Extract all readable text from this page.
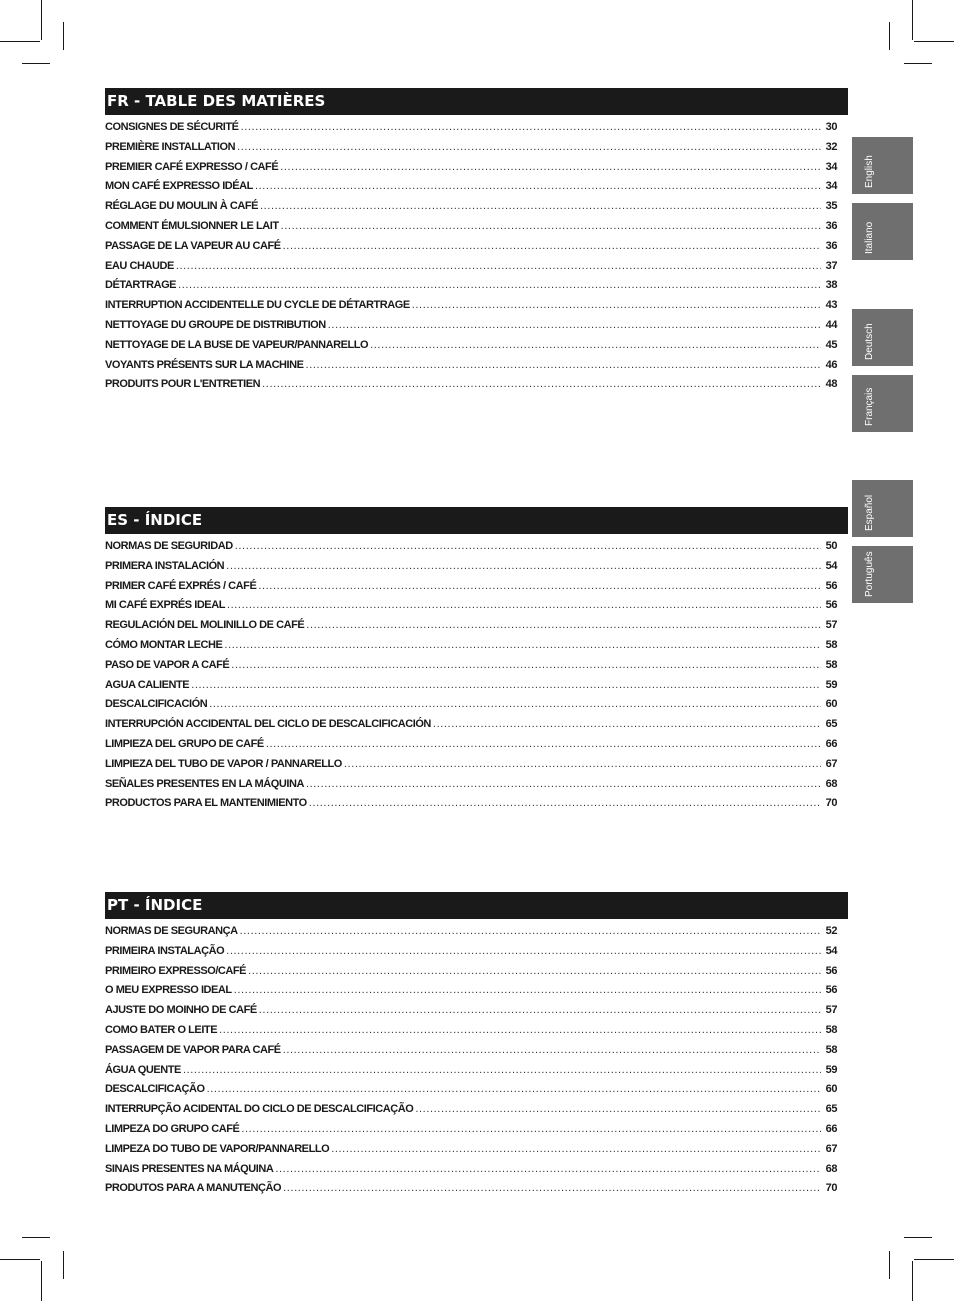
FR - TABLE DES MATIÈRES
CONSIGNES DE SÉCURITÉ .....	30
PREMIÈRE INSTALLATION .....	32
PREMIER CAFÉ EXPRESSO / CAFÉ .....	34
MON CAFÉ EXPRESSO IDÉAL .....	34
RÉGLAGE DU MOULIN À CAFÉ .....	35
COMMENT ÉMULSIONNER LE LAIT .....	36
PASSAGE DE LA VAPEUR AU CAFÉ .....	36
EAU CHAUDE .....	37
DÉTARTRAGE .....	38
INTERRUPTION ACCIDENTELLE DU CYCLE DE DÉTARTRAGE .....	43
NETTOYAGE DU GROUPE DE DISTRIBUTION .....	44
NETTOYAGE DE LA BUSE DE VAPEUR/PANNARELLO .....	45
VOYANTS PRÉSENTS SUR LA MACHINE .....	46
PRODUITS POUR L'ENTRETIEN .....	48
ES - ÍNDICE
NORMAS DE SEGURIDAD .....	50
PRIMERA INSTALACIÓN .....	54
PRIMER CAFÉ EXPRÉS / CAFÉ .....	56
MI CAFÉ EXPRÉS IDEAL .....	56
REGULACIÓN DEL MOLINILLO DE CAFÉ .....	57
CÓMO MONTAR LECHE .....	58
PASO DE VAPOR A CAFÉ .....	58
AGUA CALIENTE .....	59
DESCALCIFICACIÓN .....	60
INTERRUPCIÓN ACCIDENTAL DEL CICLO DE DESCALCIFICACIÓN .....	65
LIMPIEZA DEL GRUPO DE CAFÉ .....	66
LIMPIEZA DEL TUBO DE VAPOR / PANNARELLO .....	67
SEÑALES PRESENTES EN LA MÁQUINA .....	68
PRODUCTOS PARA EL MANTENIMIENTO .....	70
PT - ÍNDICE
NORMAS DE SEGURANÇA .....	52
PRIMEIRA INSTALAÇÃO .....	54
PRIMEIRO EXPRESSO/CAFÉ .....	56
O MEU EXPRESSO IDEAL .....	56
AJUSTE DO MOINHO DE CAFÉ .....	57
COMO BATER O LEITE .....	58
PASSAGEM DE VAPOR PARA CAFÉ .....	58
ÁGUA QUENTE .....	59
DESCALCIFICAÇÃO .....	60
INTERRUPÇÃO ACIDENTAL DO CICLO DE DESCALCIFICAÇÃO .....	65
LIMPEZA DO GRUPO CAFÉ .....	66
LIMPEZA DO TUBO DE VAPOR/PANNARELLO .....	67
SINAIS PRESENTES NA MÁQUINA .....	68
PRODUTOS PARA A MANUTENÇÃO .....	70
English
Italiano
Deutsch
Français
Español
Português
